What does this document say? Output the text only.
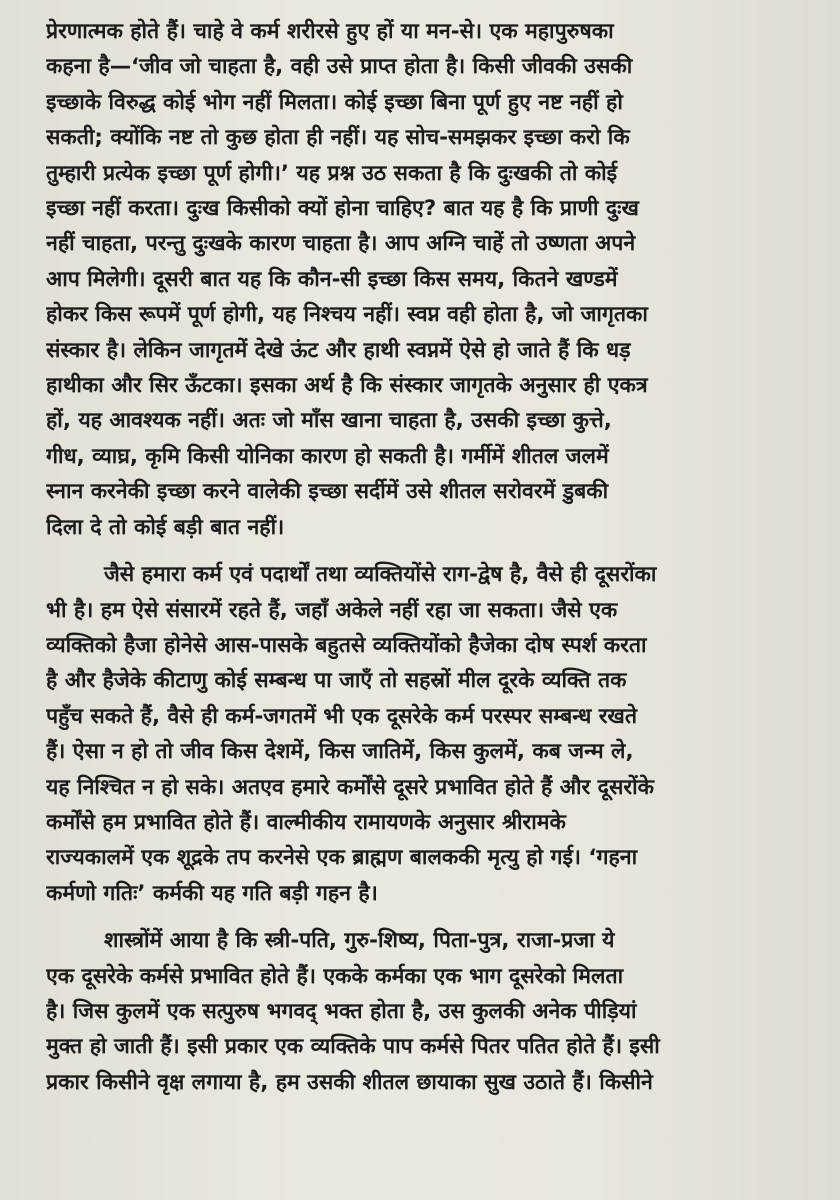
प्रेरणात्मक होते हैं। चाहे वे कर्म शरीरसे हुए हों या मन-से। एक महापुरुषका
कहना है—‘जीव जो चाहता है, वही उसे प्राप्त होता है। किसी जीवकी उसकी
इच्छाके विरुद्ध कोई भोग नहीं मिलता। कोई इच्छा बिना पूर्ण हुए नष्ट नहीं हो
सकती; क्योंकि नष्ट तो कुछ होता ही नहीं। यह सोच-समझकर इच्छा करो कि
तुम्हारी प्रत्येक इच्छा पूर्ण होगी।’ यह प्रश्न उठ सकता है कि दुःखकी तो कोई
इच्छा नहीं करता। दुःख किसीको क्यों होना चाहिए? बात यह है कि प्राणी दुःख
नहीं चाहता, परन्तु दुःखके कारण चाहता है। आप अग्नि चाहें तो उष्णता अपने
आप मिलेगी। दूसरी बात यह कि कौन-सी इच्छा किस समय, कितने खण्डमें
होकर किस रूपमें पूर्ण होगी, यह निश्चय नहीं। स्वप्न वही होता है, जो जागृतका
संस्कार है। लेकिन जागृतमें देखे ऊंट और हाथी स्वप्नमें ऐसे हो जाते हैं कि धड़
हाथीका और सिर ऊँटका। इसका अर्थ है कि संस्कार जागृतके अनुसार ही एकत्र
हों, यह आवश्यक नहीं। अतः जो माँस खाना चाहता है, उसकी इच्छा कुत्ते,
गीध, व्याघ्र, कृमि किसी योनिका कारण हो सकती है। गर्मीमें शीतल जलमें
स्नान करनेकी इच्छा करने वालेकी इच्छा सर्दीमें उसे शीतल सरोवरमें डुबकी
दिला दे तो कोई बड़ी बात नहीं।
जैसे हमारा कर्म एवं पदार्थों तथा व्यक्तियोंसे राग-द्वेष है, वैसे ही दूसरोंका
भी है। हम ऐसे संसारमें रहते हैं, जहाँ अकेले नहीं रहा जा सकता। जैसे एक
व्यक्तिको हैजा होनेसे आस-पासके बहुतसे व्यक्तियोंको हैजेका दोष स्पर्श करता
है और हैजेके कीटाणु कोई सम्बन्ध पा जाएँ तो सहस्रों मील दूरके व्यक्ति तक
पहुँच सकते हैं, वैसे ही कर्म-जगतमें भी एक दूसरेके कर्म परस्पर सम्बन्ध रखते
हैं। ऐसा न हो तो जीव किस देशमें, किस जातिमें, किस कुलमें, कब जन्म ले,
यह निश्चित न हो सके। अतएव हमारे कर्मोंसे दूसरे प्रभावित होते हैं और दूसरोंके
कर्मोंसे हम प्रभावित होते हैं। वाल्मीकीय रामायणके अनुसार श्रीरामके
राज्यकालमें एक शूद्रके तप करनेसे एक ब्राह्मण बालककी मृत्यु हो गई। ‘गहना
कर्मणो गतिः’ कर्मकी यह गति बड़ी गहन है।
शास्त्रोंमें आया है कि स्त्री-पति, गुरु-शिष्य, पिता-पुत्र, राजा-प्रजा ये
एक दूसरेके कर्मसे प्रभावित होते हैं। एकके कर्मका एक भाग दूसरेको मिलता
है। जिस कुलमें एक सत्पुरुष भगवद् भक्त होता है, उस कुलकी अनेक पीड़ियां
मुक्त हो जाती हैं। इसी प्रकार एक व्यक्तिके पाप कर्मसे पितर पतित होते हैं। इसी
प्रकार किसीने वृक्ष लगाया है, हम उसकी शीतल छायाका सुख उठाते हैं। किसीने
